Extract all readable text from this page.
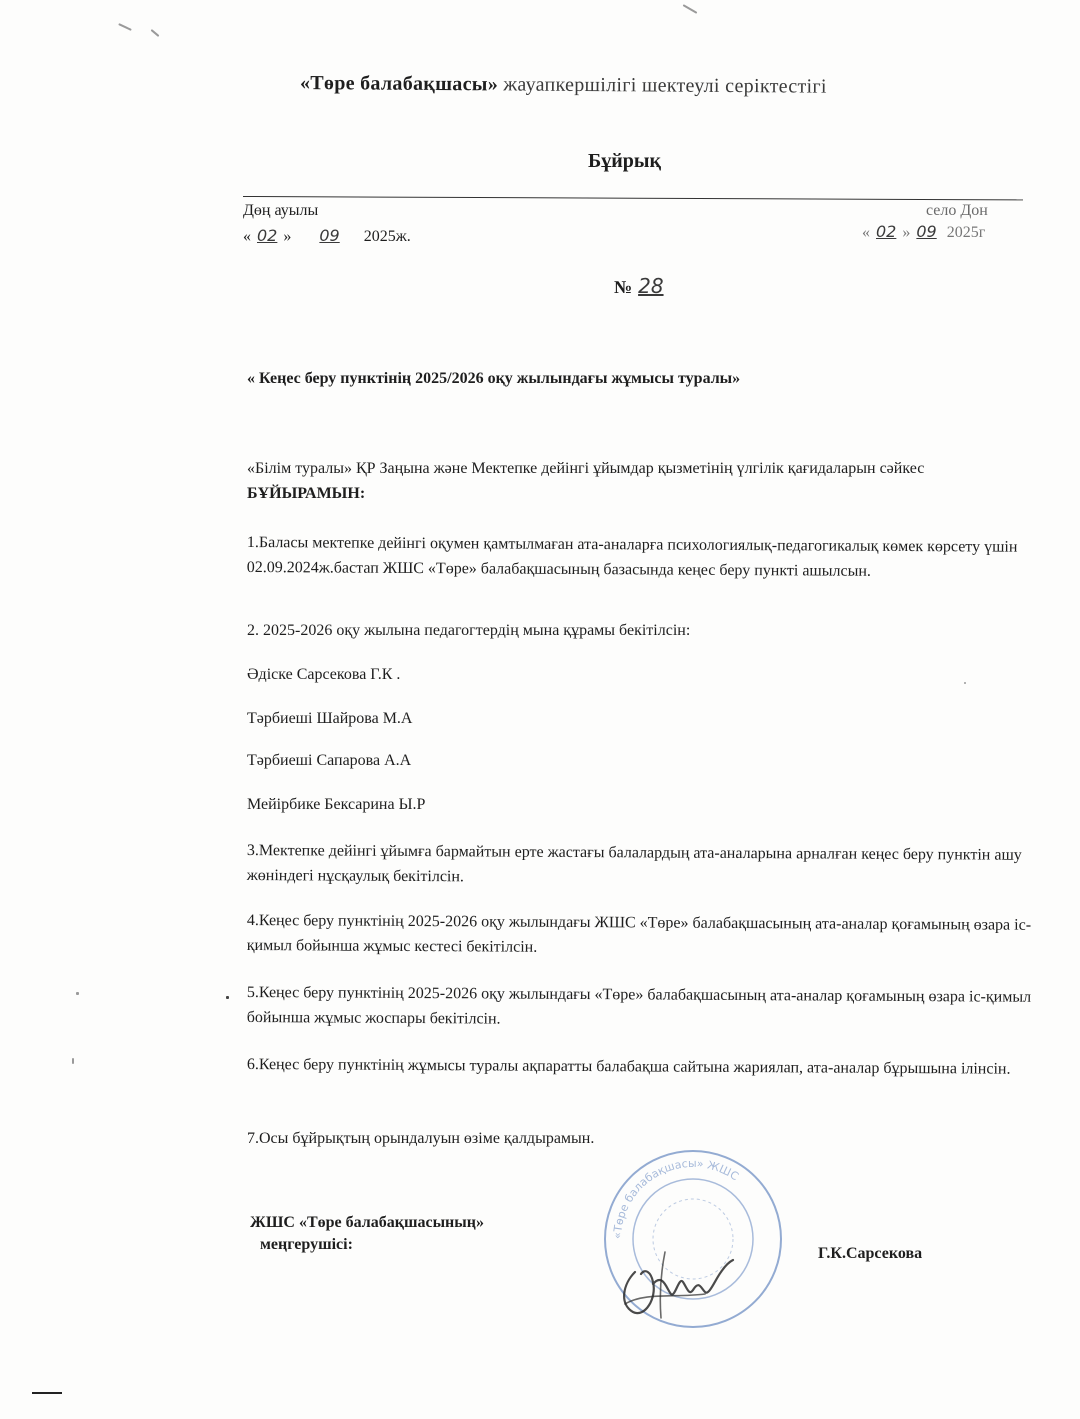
«Төре балабақшасы» жауапкершілігі шектеулі серіктестігі
Бұйрық
Дөң ауылы
« 02 » 09 2025ж.
село Дон
« 02 » 09 2025г
№ 28
« Кеңес беру пунктінің 2025/2026 оқу жылындағы жұмысы туралы»
«Білім туралы» ҚР Заңына және Мектепке дейінгі ұйымдар қызметінің үлгілік қағидаларын сәйкес БҰЙЫРАМЫН:
1.Баласы мектепке дейінгі оқумен қамтылмаған ата-аналарға психологиялық-педагогикалық көмек көрсету үшін 02.09.2024ж.бастап ЖШС «Төре» балабақшасының базасында кеңес беру пункті ашылсын.
2. 2025-2026 оқу жылына педагогтердің мына құрамы бекітілсін:
Әдіске Сарсекова Г.К .
Тәрбиеші Шайрова М.А
Тәрбиеші Сапарова А.А
Мейірбике Бексарина Ы.Р
3.Мектепке дейінгі ұйымға бармайтын ерте жастағы балалардың ата-аналарына арналған кеңес беру пунктін ашу жөніндегі нұсқаулық бекітілсін.
4.Кеңес беру пунктінің 2025-2026 оқу жылындағы ЖШС «Төре» балабақшасының ата-аналар қоғамының өзара іс-қимыл бойынша жұмыс кестесі бекітілсін.
5.Кеңес беру пунктінің 2025-2026 оқу жылындағы «Төре» балабақшасының ата-аналар қоғамының өзара іс-қимыл бойынша жұмыс жоспары бекітілсін.
6.Кеңес беру пунктінің жұмысы туралы ақпаратты балабақша сайтына жариялап, ата-аналар бұрышына ілінсін.
7.Осы бұйрықтың орындалуын өзіме қалдырамын.
ЖШС «Төре балабақшасының»
меңгерушісі:
«Төре балабақшасы» ЖШС
Г.К.Сарсекова
